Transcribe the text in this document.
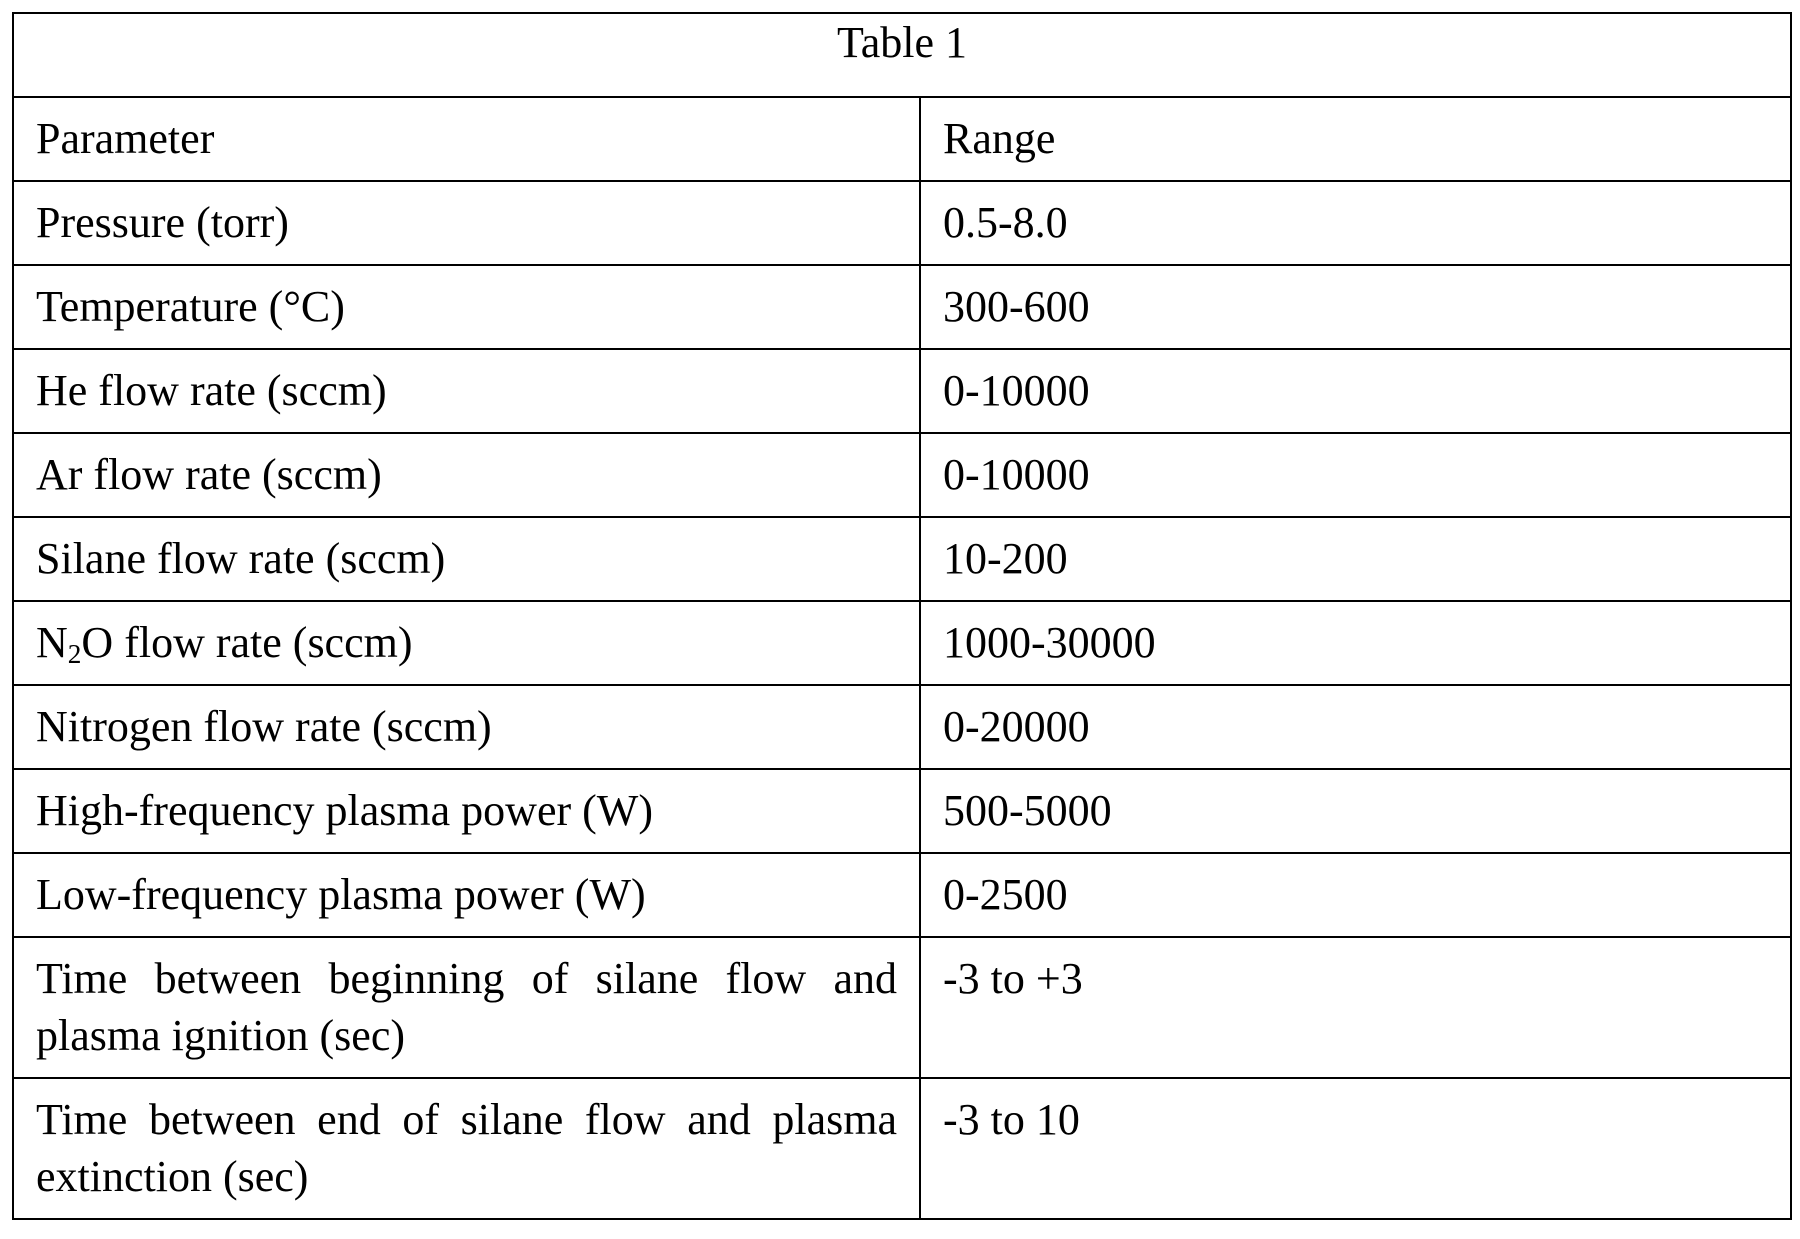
Table 1	
Parameter	Range
Pressure (torr)	0.5-8.0
Temperature (°C)	300-600
He flow rate (sccm)	0-10000
Ar flow rate (sccm)	0-10000
Silane flow rate (sccm)	10-200
$N_2O$ flow rate (sccm)	1000-30000
Nitrogen flow rate (sccm)	0-20000
High-frequency plasma power (W)	500-5000
Low-frequency plasma power (W)	0-2500
Time between beginning of silane flow and plasma ignition (sec)	-3 to +3
Time between end of silane flow and plasma extinction (sec)	-3 to 10
